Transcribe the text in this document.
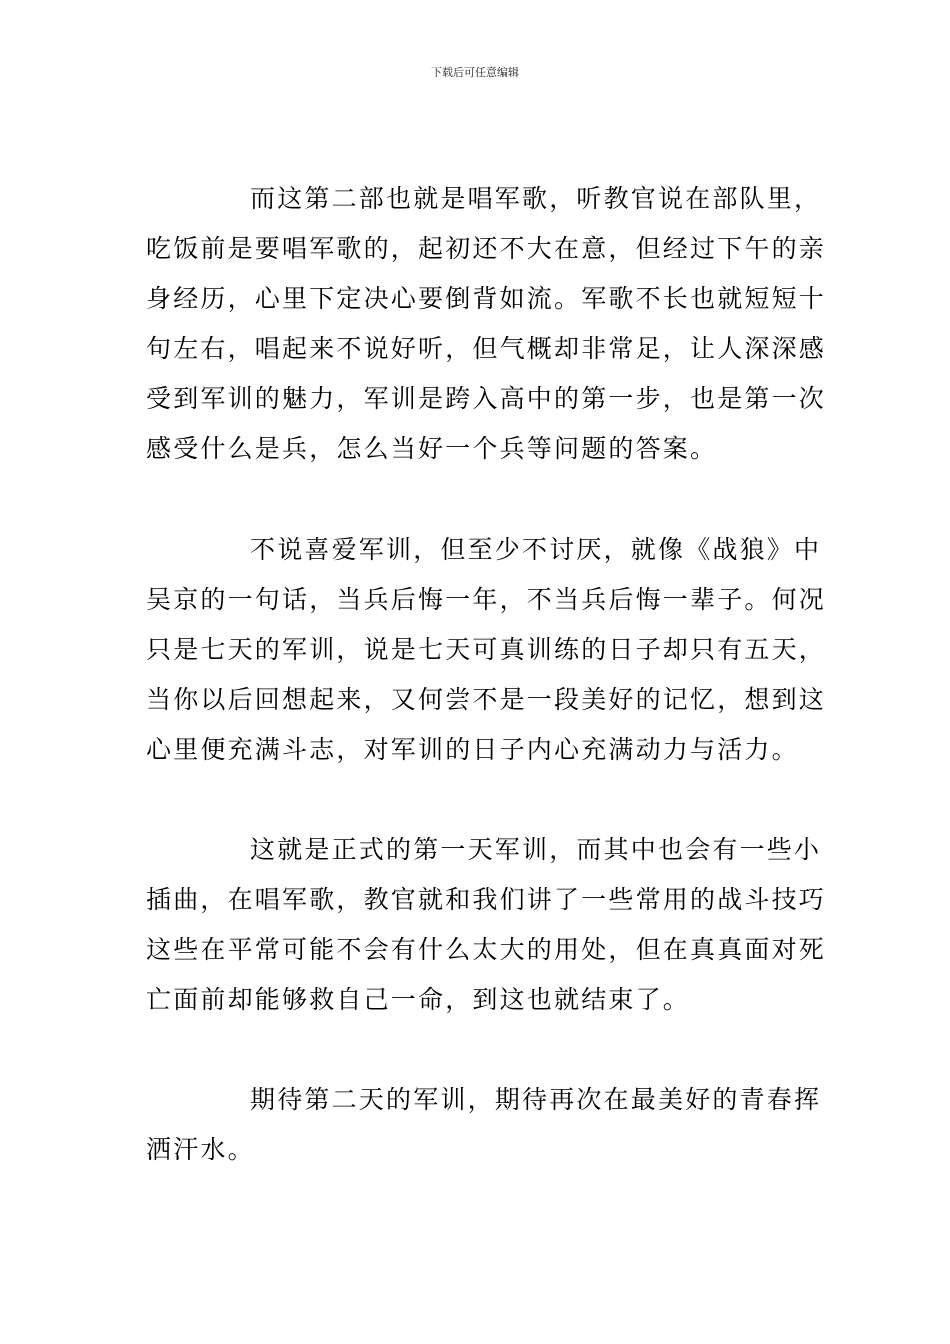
下载后可任意编辑
而这第二部也就是唱军歌，听教官说在部队里，
吃饭前是要唱军歌的，起初还不大在意，但经过下午的亲
身经历，心里下定决心要倒背如流。军歌不长也就短短十
句左右，唱起来不说好听，但气概却非常足，让人深深感
受到军训的魅力，军训是跨入高中的第一步，也是第一次
感受什么是兵，怎么当好一个兵等问题的答案。
不说喜爱军训，但至少不讨厌，就像《战狼》中
吴京的一句话，当兵后悔一年，不当兵后悔一辈子。何况
只是七天的军训，说是七天可真训练的日子却只有五天，
当你以后回想起来，又何尝不是一段美好的记忆，想到这
心里便充满斗志，对军训的日子内心充满动力与活力。
这就是正式的第一天军训，而其中也会有一些小
插曲，在唱军歌，教官就和我们讲了一些常用的战斗技巧
这些在平常可能不会有什么太大的用处，但在真真面对死
亡面前却能够救自己一命，到这也就结束了。
期待第二天的军训，期待再次在最美好的青春挥
洒汗水。
